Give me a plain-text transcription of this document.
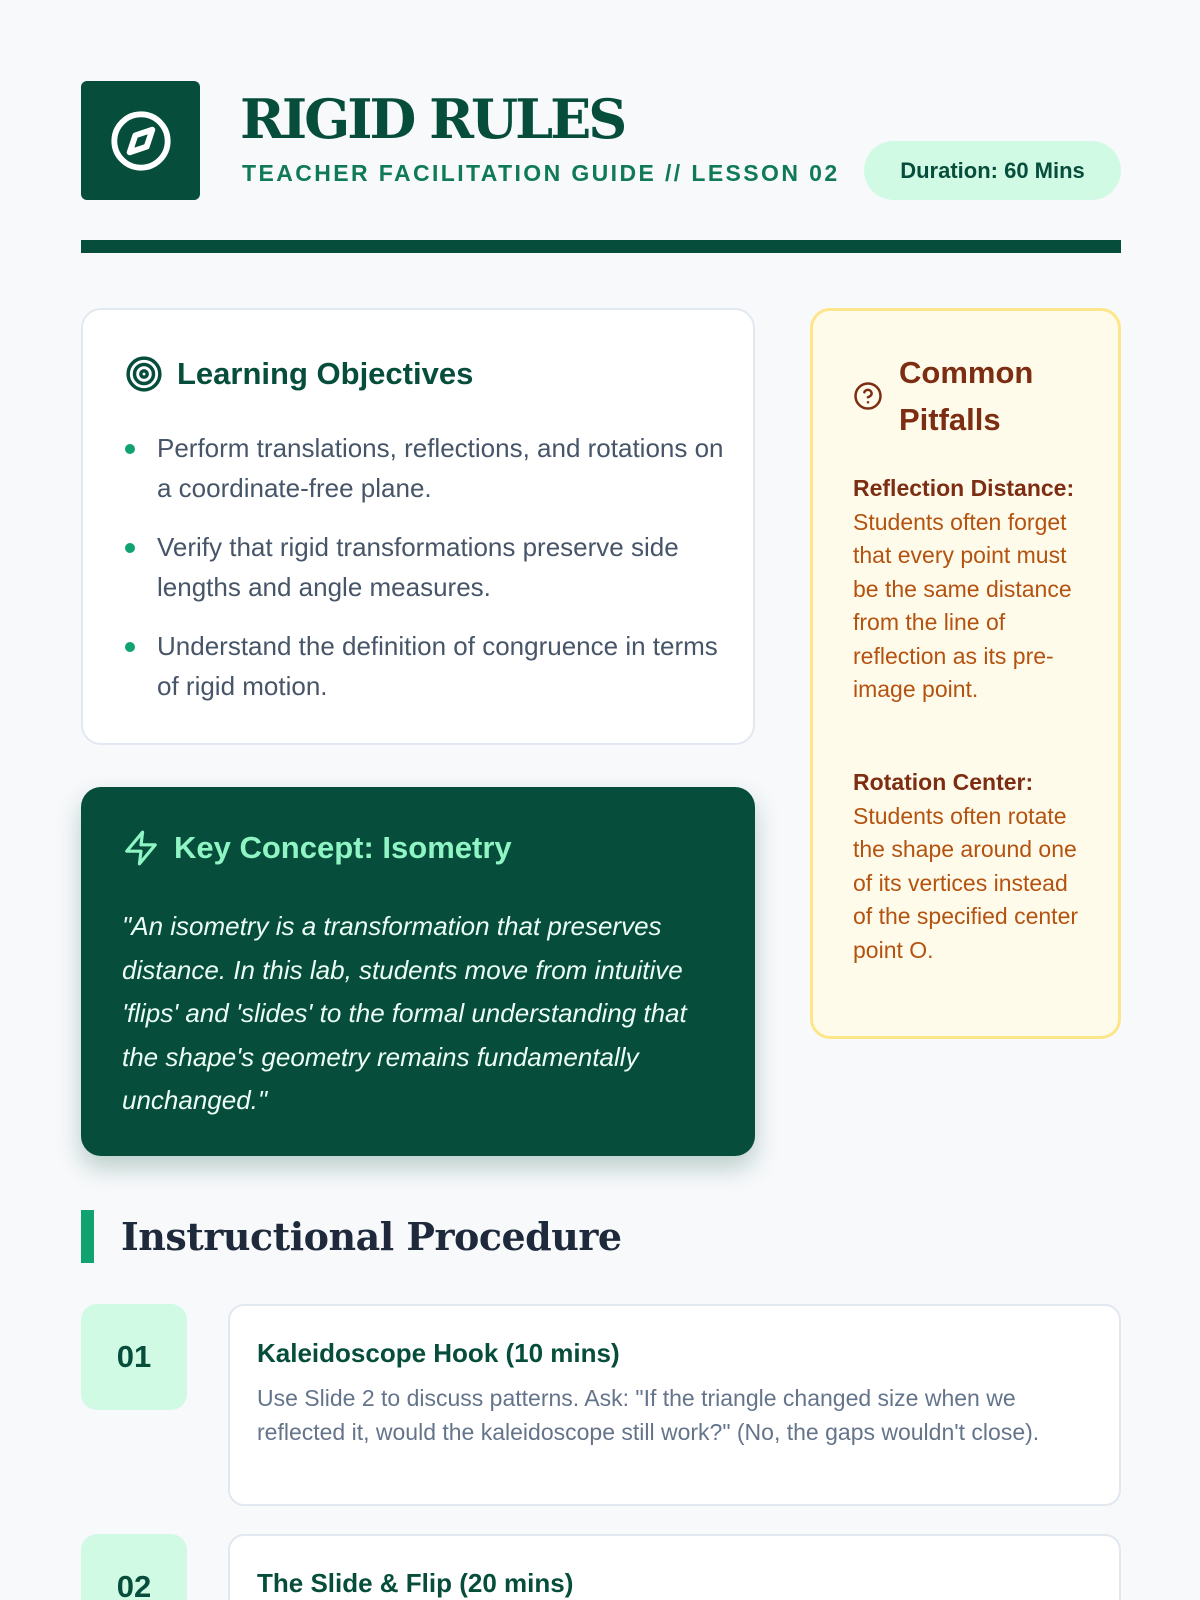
RIGID RULES
TEACHER FACILITATION GUIDE // LESSON 02	Duration: 60 Mins
Learning Objectives
Perform translations, reflections, and rotations on a coordinate-free plane.
Verify that rigid transformations preserve side lengths and angle measures.
Understand the definition of congruence in terms of rigid motion.
Key Concept: Isometry

"An isometry is a transformation that preserves distance. In this lab, students move from intuitive 'flips' and 'slides' to the formal understanding that the shape's geometry remains fundamentally unchanged."

Common Pitfalls

Reflection Distance: Students often forget that every point must be the same distance from the line of reflection as its pre-image point.

Rotation Center: Students often rotate the shape around one of its vertices instead of the specified center point O.

Instructional Procedure
01	Kaleidoscope Hook (10 mins)

Use Slide 2 to discuss patterns. Ask: "If the triangle changed size when we reflected it, would the kaleidoscope still work?" (No, the gaps wouldn't close).

02	The Slide & Flip (20 mins)
